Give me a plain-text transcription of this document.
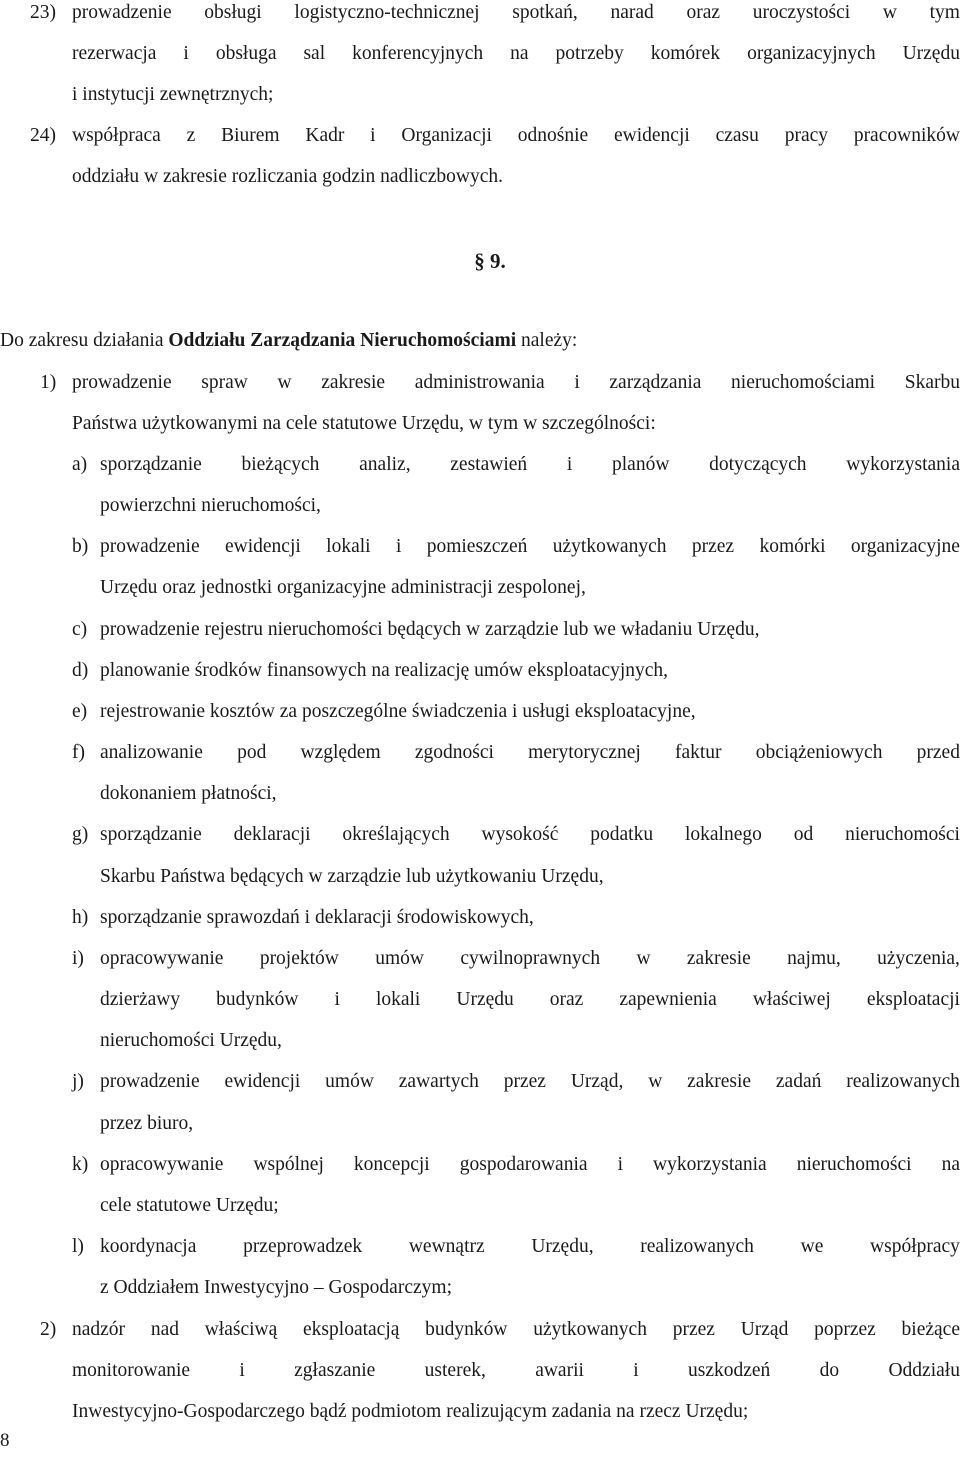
23) prowadzenie obsługi logistyczno-technicznej spotkań, narad oraz uroczystości w tym
rezerwacja i obsługa sal konferencyjnych na potrzeby komórek organizacyjnych Urzędu
i instytucji zewnętrznych;
24) współpraca z Biurem Kadr i Organizacji odnośnie ewidencji czasu pracy pracowników
oddziału w zakresie rozliczania godzin nadliczbowych.
§ 9.
Do zakresu działania Oddziału Zarządzania Nieruchomościami należy:
1) prowadzenie spraw w zakresie administrowania i zarządzania nieruchomościami Skarbu
Państwa użytkowanymi na cele statutowe Urzędu, w tym w szczególności:
a) sporządzanie bieżących analiz, zestawień i planów dotyczących wykorzystania
powierzchni nieruchomości,
b) prowadzenie ewidencji lokali i pomieszczeń użytkowanych przez komórki organizacyjne
Urzędu oraz jednostki organizacyjne administracji zespolonej,
c) prowadzenie rejestru nieruchomości będących w zarządzie lub we władaniu Urzędu,
d) planowanie środków finansowych na realizację umów eksploatacyjnych,
e) rejestrowanie kosztów za poszczególne świadczenia i usługi eksploatacyjne,
f) analizowanie pod względem zgodności merytorycznej faktur obciążeniowych przed
dokonaniem płatności,
g) sporządzanie deklaracji określających wysokość podatku lokalnego od nieruchomości
Skarbu Państwa będących w zarządzie lub użytkowaniu Urzędu,
h) sporządzanie sprawozdań i deklaracji środowiskowych,
i) opracowywanie projektów umów cywilnoprawnych w zakresie najmu, użyczenia,
dzierżawy budynków i lokali Urzędu oraz zapewnienia właściwej eksploatacji
nieruchomości Urzędu,
j) prowadzenie ewidencji umów zawartych przez Urząd, w zakresie zadań realizowanych
przez biuro,
k) opracowywanie wspólnej koncepcji gospodarowania i wykorzystania nieruchomości na
cele statutowe Urzędu;
l) koordynacja przeprowadzek wewnątrz Urzędu, realizowanych we współpracy
z Oddziałem Inwestycyjno – Gospodarczym;
2) nadzór nad właściwą eksploatacją budynków użytkowanych przez Urząd poprzez bieżące
monitorowanie	i	zgłaszanie	usterek,	awarii	i	uszkodzeń	do	Oddziału
Inwestycyjno-Gospodarczego bądź podmiotom realizującym zadania na rzecz Urzędu;
8
